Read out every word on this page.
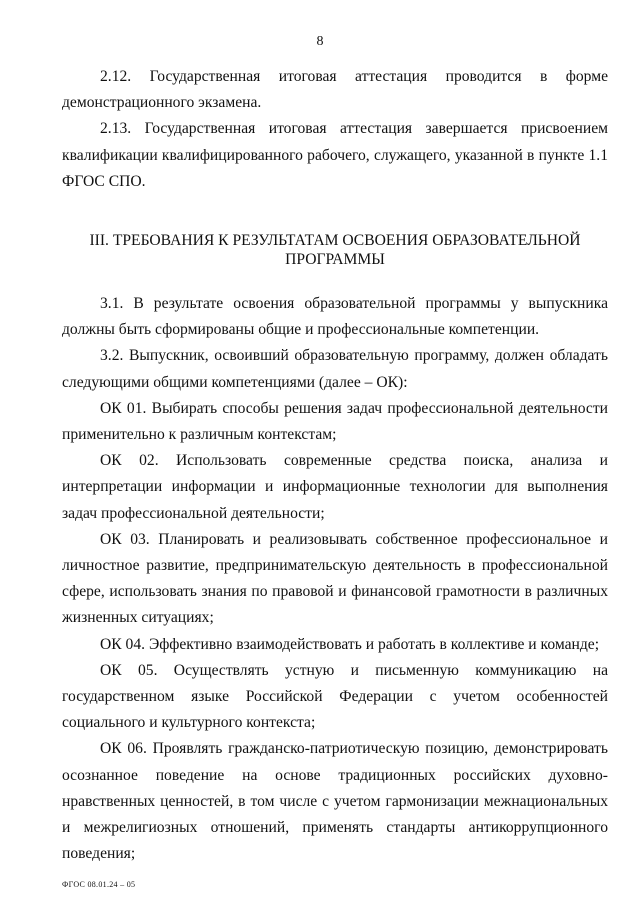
8

2.12. Государственная итоговая аттестация проводится в форме демонстрационного экзамена.

2.13. Государственная итоговая аттестация завершается присвоением квалификации квалифицированного рабочего, служащего, указанной в пункте 1.1 ФГОС СПО.

III. ТРЕБОВАНИЯ К РЕЗУЛЬТАТАМ ОСВОЕНИЯ ОБРАЗОВАТЕЛЬНОЙ ПРОГРАММЫ

3.1. В результате освоения образовательной программы у выпускника должны быть сформированы общие и профессиональные компетенции.

3.2. Выпускник, освоивший образовательную программу, должен обладать следующими общими компетенциями (далее – ОК):

ОК 01. Выбирать способы решения задач профессиональной деятельности применительно к различным контекстам;

ОК 02. Использовать современные средства поиска, анализа и интерпретации информации и информационные технологии для выполнения задач профессиональной деятельности;

ОК 03. Планировать и реализовывать собственное профессиональное и личностное развитие, предпринимательскую деятельность в профессиональной сфере, использовать знания по правовой и финансовой грамотности в различных жизненных ситуациях;

ОК 04. Эффективно взаимодействовать и работать в коллективе и команде;

ОК 05. Осуществлять устную и письменную коммуникацию на государственном языке Российской Федерации с учетом особенностей социального и культурного контекста;

ОК 06. Проявлять гражданско-патриотическую позицию, демонстрировать осознанное поведение на основе традиционных российских духовно-нравственных ценностей, в том числе с учетом гармонизации межнациональных и межрелигиозных отношений, применять стандарты антикоррупционного поведения;

ФГОС 08.01.24 – 05
